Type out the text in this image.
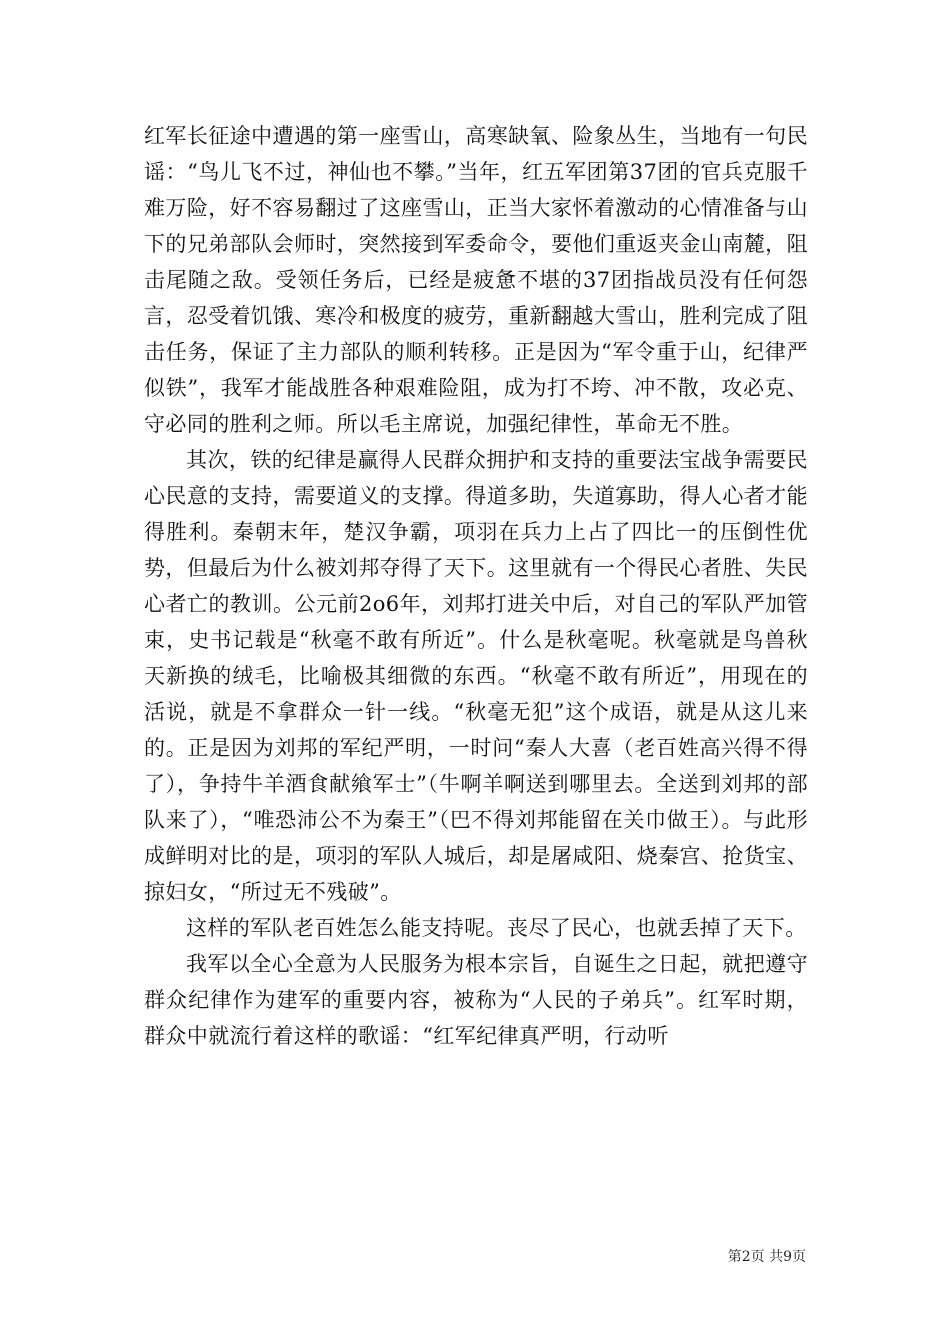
红军长征途中遭遇的第一座雪山，高寒缺氧、险象丛生，当地有一句民谣：“鸟儿飞不过，神仙也不攀。”当年，红五军团第37团的官兵克服千难万险，好不容易翻过了这座雪山，正当大家怀着激动的心情准备与山下的兄弟部队会师时，突然接到军委命令，要他们重返夹金山南麓，阻击尾随之敌。受领任务后，已经是疲惫不堪的37团指战员没有任何怨言，忍受着饥饿、寒冷和极度的疲劳，重新翻越大雪山，胜利完成了阻击任务，保证了主力部队的顺利转移。正是因为“军令重于山，纪律严似铁”，我军才能战胜各种艰难险阻，成为打不垮、冲不散，攻必克、守必同的胜利之师。所以毛主席说，加强纪律性，革命无不胜。

其次，铁的纪律是赢得人民群众拥护和支持的重要法宝战争需要民心民意的支持，需要道义的支撑。得道多助，失道寡助，得人心者才能得胜利。秦朝末年，楚汉争霸，项羽在兵力上占了四比一的压倒性优势，但最后为什么被刘邦夺得了天下。这里就有一个得民心者胜、失民心者亡的教训。公元前2o6年，刘邦打进关中后，对自己的军队严加管束，史书记载是“秋毫不敢有所近”。什么是秋毫呢。秋毫就是鸟兽秋天新换的绒毛，比喻极其细微的东西。“秋毫不敢有所近”，用现在的活说，就是不拿群众一针一线。“秋毫无犯”这个成语，就是从这儿来的。正是因为刘邦的军纪严明，一时问“秦人大喜（老百姓高兴得不得了），争持牛羊酒食献飨军士”（牛啊羊啊送到哪里去。全送到刘邦的部队来了），“唯恐沛公不为秦王”（巴不得刘邦能留在关巾做王）。与此形成鲜明对比的是，项羽的军队人城后，却是屠咸阳、烧秦宫、抢货宝、掠妇女，“所过无不残破”。

这样的军队老百姓怎么能支持呢。丧尽了民心，也就丢掉了天下。

我军以全心全意为人民服务为根本宗旨，自诞生之日起，就把遵守群众纪律作为建军的重要内容，被称为“人民的子弟兵”。红军时期，群众中就流行着这样的歌谣：“红军纪律真严明，行动听

第2页 共9页
